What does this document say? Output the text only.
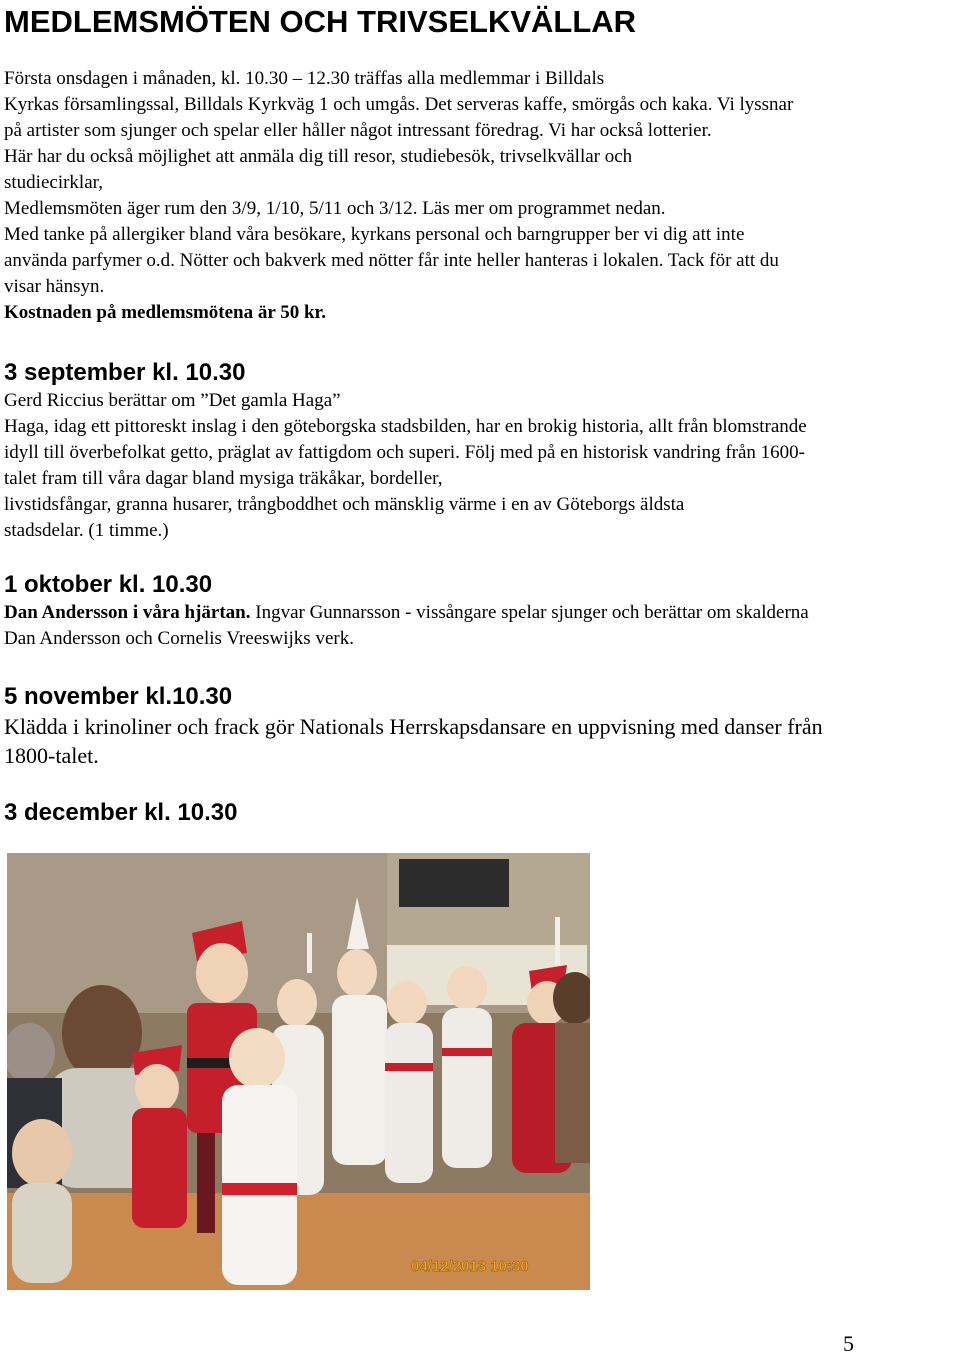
MEDLEMSMÖTEN OCH TRIVSELKVÄLLAR
Första onsdagen i månaden, kl. 10.30 – 12.30 träffas alla medlemmar i Billdals
Kyrkas församlingssal, Billdals Kyrkväg 1 och umgås. Det serveras kaffe, smörgås och kaka. Vi lyssnar
på artister som sjunger och spelar eller håller något intressant föredrag. Vi har också lotterier.
Här har du också möjlighet att anmäla dig till resor, studiebesök, trivselkvällar och
studiecirklar,
Medlemsmöten äger rum den 3/9, 1/10, 5/11 och 3/12. Läs mer om programmet nedan.
Med tanke på allergiker bland våra besökare, kyrkans personal och barngrupper ber vi dig att inte
använda parfymer o.d. Nötter och bakverk med nötter får inte heller hanteras i lokalen. Tack för att du
visar hänsyn.
Kostnaden på medlemsmötena är 50 kr.
3 september kl. 10.30
Gerd Riccius berättar om ”Det gamla Haga”
Haga, idag ett pittoreskt inslag i den göteborgska stadsbilden, har en brokig historia, allt från blomstrande
idyll till överbefolkat getto, präglat av fattigdom och superi. Följ med på en historisk vandring från 1600-
talet fram till våra dagar bland mysiga träkåkar, bordeller,
livstidsfångar, granna husarer, trångboddhet och mänsklig värme i en av Göteborgs äldsta
stadsdelar. (1 timme.)
1 oktober kl. 10.30
Dan Andersson i våra hjärtan. Ingvar Gunnarsson - vissångare spelar sjunger och berättar om skalderna
Dan Andersson och Cornelis Vreeswijks verk.
5 november kl.10.30
Klädda i krinoliner och frack gör Nationals Herrskapsdansare en uppvisning med danser från
1800-talet.
3 december kl. 10.30
04/12/2013 10:30
5
